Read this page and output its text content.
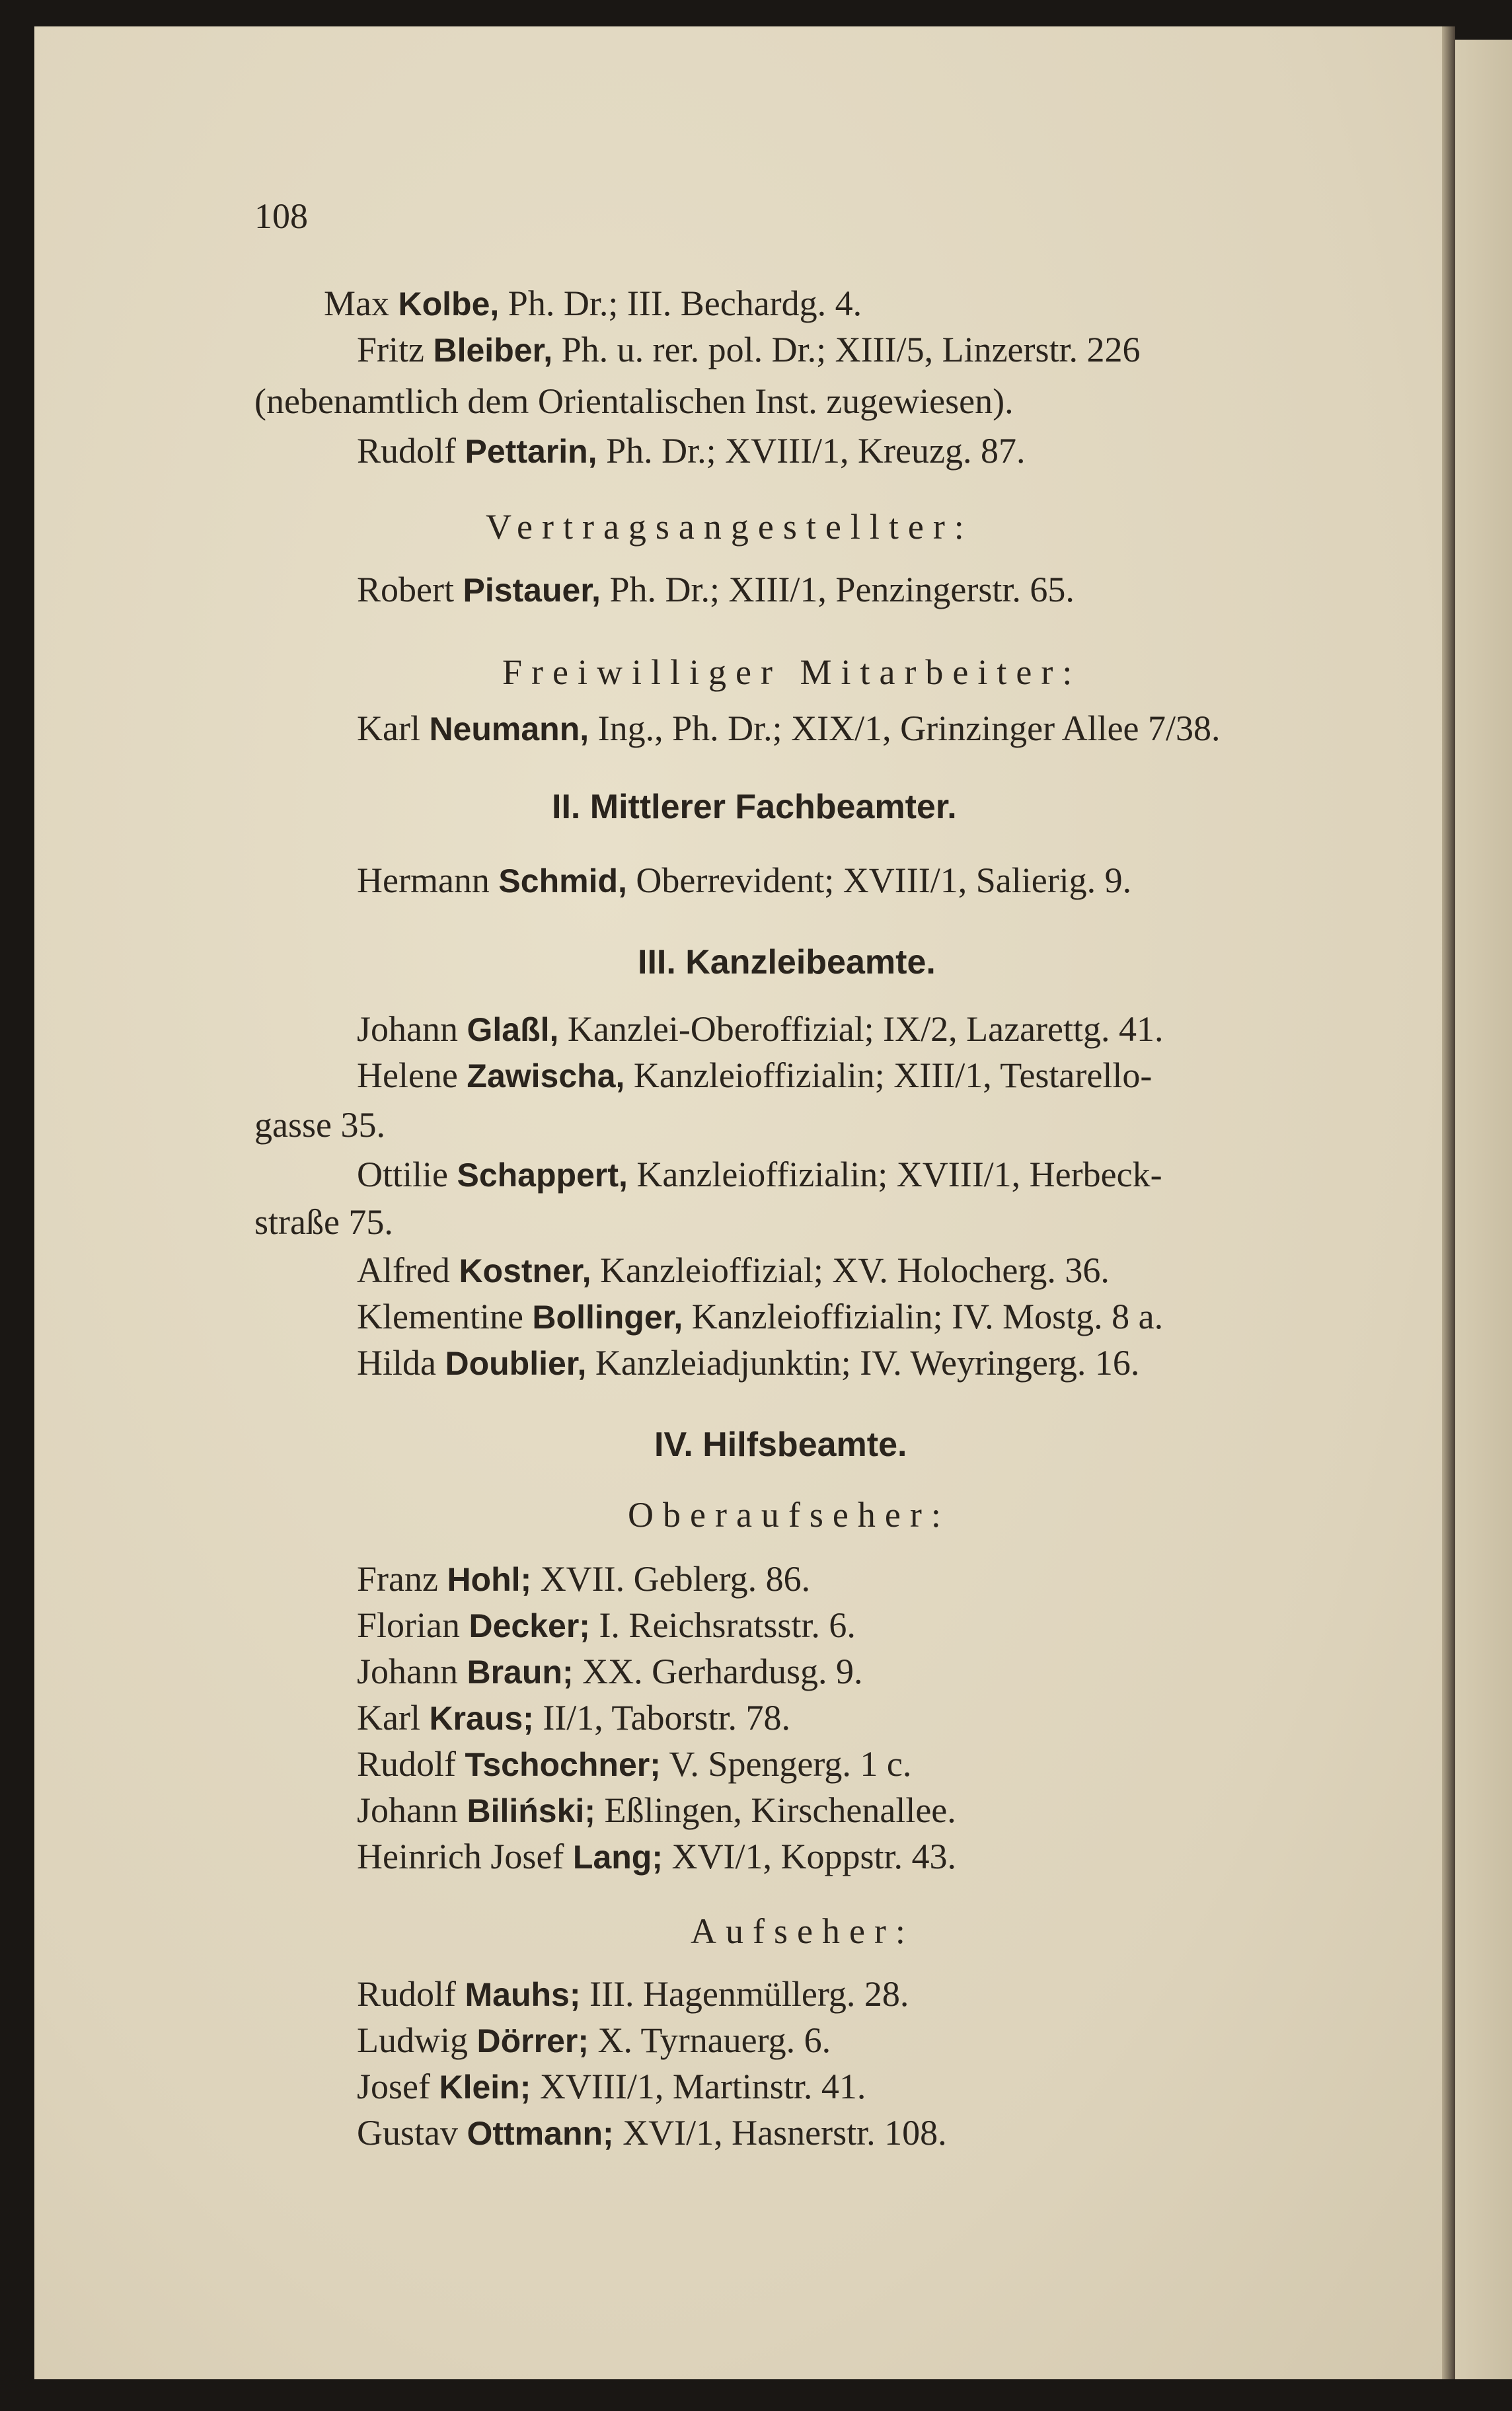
108
Max Kolbe, Ph. Dr.; III. Bechardg. 4.
Fritz Bleiber, Ph. u. rer. pol. Dr.; XIII/5, Linzerstr. 226
(nebenamtlich dem Orientalischen Inst. zugewiesen).
Rudolf Pettarin, Ph. Dr.; XVIII/1, Kreuzg. 87.
Vertragsangestellter:
Robert Pistauer, Ph. Dr.; XIII/1, Penzingerstr. 65.
Freiwilliger Mitarbeiter:
Karl Neumann, Ing., Ph. Dr.; XIX/1, Grinzinger Allee 7/38.
II. Mittlerer Fachbeamter.
Hermann Schmid, Oberrevident; XVIII/1, Salierig. 9.
III. Kanzleibeamte.
Johann Glaßl, Kanzlei-Oberoffizial; IX/2, Lazarettg. 41.
Helene Zawischa, Kanzleioffizialin; XIII/1, Testarello-
gasse 35.
Ottilie Schappert, Kanzleioffizialin; XVIII/1, Herbeck-
straße 75.
Alfred Kostner, Kanzleioffizial; XV. Holocherg. 36.
Klementine Bollinger, Kanzleioffizialin; IV. Mostg. 8 a.
Hilda Doublier, Kanzleiadjunktin; IV. Weyringerg. 16.
IV. Hilfsbeamte.
Oberaufseher:
Franz Hohl; XVII. Geblerg. 86.
Florian Decker; I. Reichsratsstr. 6.
Johann Braun; XX. Gerhardusg. 9.
Karl Kraus; II/1, Taborstr. 78.
Rudolf Tschochner; V. Spengerg. 1 c.
Johann Biliński; Eßlingen, Kirschenallee.
Heinrich Josef Lang; XVI/1, Koppstr. 43.
Aufseher:
Rudolf Mauhs; III. Hagenmüllerg. 28.
Ludwig Dörrer; X. Tyrnauerg. 6.
Josef Klein; XVIII/1, Martinstr. 41.
Gustav Ottmann; XVI/1, Hasnerstr. 108.
